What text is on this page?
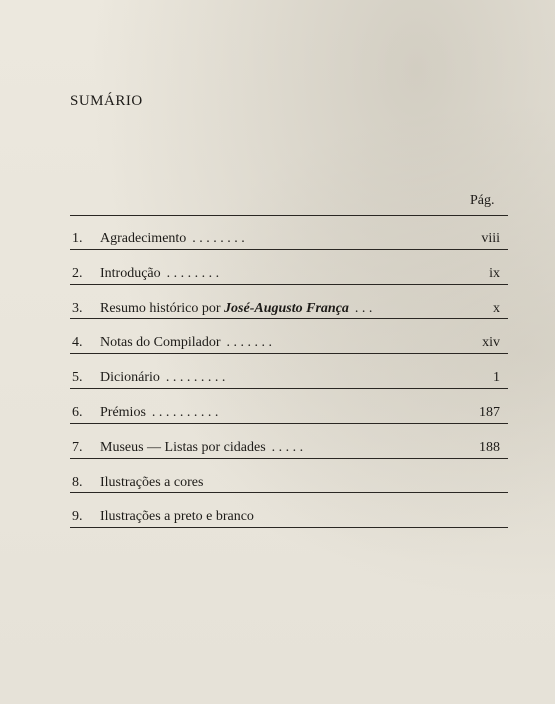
SUMÁRIO
Pág.
1. Agradecimento . . . . . . . .	viii
2. Introdução . . . . . . . .	ix
3. Resumo histórico por José-Augusto França . . .	x
4. Notas do Compilador . . . . . . .	xiv
5. Dicionário . . . . . . . . .	1
6. Prémios . . . . . . . . . .	187
7. Museus — Listas por cidades . . . . .	188
8. Ilustrações a cores
9. Ilustrações a preto e branco
